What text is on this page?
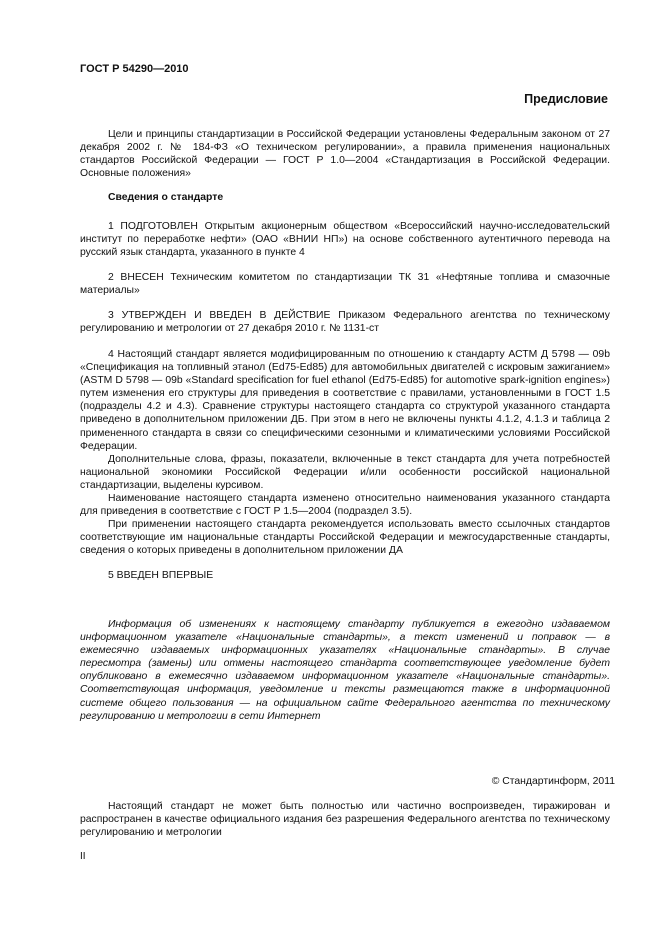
ГОСТ Р 54290—2010
Предисловие

Цели и принципы стандартизации в Российской Федерации установлены Федеральным законом от 27 декабря 2002 г. № 184-ФЗ «О техническом регулировании», а правила применения национальных стандартов Российской Федерации — ГОСТ Р 1.0—2004 «Стандартизация в Российской Федерации. Основные положения»

Сведения о стандарте

1 ПОДГОТОВЛЕН Открытым акционерным обществом «Всероссийский научно-исследовательский институт по переработке нефти» (ОАО «ВНИИ НП») на основе собственного аутентичного перевода на русский язык стандарта, указанного в пункте 4

2 ВНЕСЕН Техническим комитетом по стандартизации ТК 31 «Нефтяные топлива и смазочные материалы»

3 УТВЕРЖДЕН И ВВЕДЕН В ДЕЙСТВИЕ Приказом Федерального агентства по техническому регулированию и метрологии от 27 декабря 2010 г. № 1131-ст

4 Настоящий стандарт является модифицированным по отношению к стандарту АСТМ Д 5798 — 09b «Спецификация на топливный этанол (Ed75-Ed85) для автомобильных двигателей с искровым зажиганием» (ASTM D 5798 — 09b «Standard specification for fuel ethanol (Ed75-Ed85) for automotive spark-ignition engines») путем изменения его структуры для приведения в соответствие с правилами, установленными в ГОСТ 1.5 (подразделы 4.2 и 4.3). Сравнение структуры настоящего стандарта со структурой указанного стандарта приведено в дополнительном приложении ДБ. При этом в него не включены пункты 4.1.2, 4.1.3 и таблица 2 примененного стандарта в связи со специфическими сезонными и климатическими условиями Российской Федерации.

Дополнительные слова, фразы, показатели, включенные в текст стандарта для учета потребностей национальной экономики Российской Федерации и/или особенности российской национальной стандартизации, выделены курсивом.

Наименование настоящего стандарта изменено относительно наименования указанного стандарта для приведения в соответствие с ГОСТ Р 1.5—2004 (подраздел 3.5).

При применении настоящего стандарта рекомендуется использовать вместо ссылочных стандартов соответствующие им национальные стандарты Российской Федерации и межгосударственные стандарты, сведения о которых приведены в дополнительном приложении ДА

5 ВВЕДЕН ВПЕРВЫЕ

Информация об изменениях к настоящему стандарту публикуется в ежегодно издаваемом информационном указателе «Национальные стандарты», а текст изменений и поправок — в ежемесячно издаваемых информационных указателях «Национальные стандарты». В случае пересмотра (замены) или отмены настоящего стандарта соответствующее уведомление будет опубликовано в ежемесячно издаваемом информационном указателе «Национальные стандарты». Соответствующая информация, уведомление и тексты размещаются также в информационной системе общего пользования — на официальном сайте Федерального агентства по техническому регулированию и метрологии в сети Интернет

© Стандартинформ, 2011

Настоящий стандарт не может быть полностью или частично воспроизведен, тиражирован и распространен в качестве официального издания без разрешения Федерального агентства по техническому регулированию и метрологии

II
